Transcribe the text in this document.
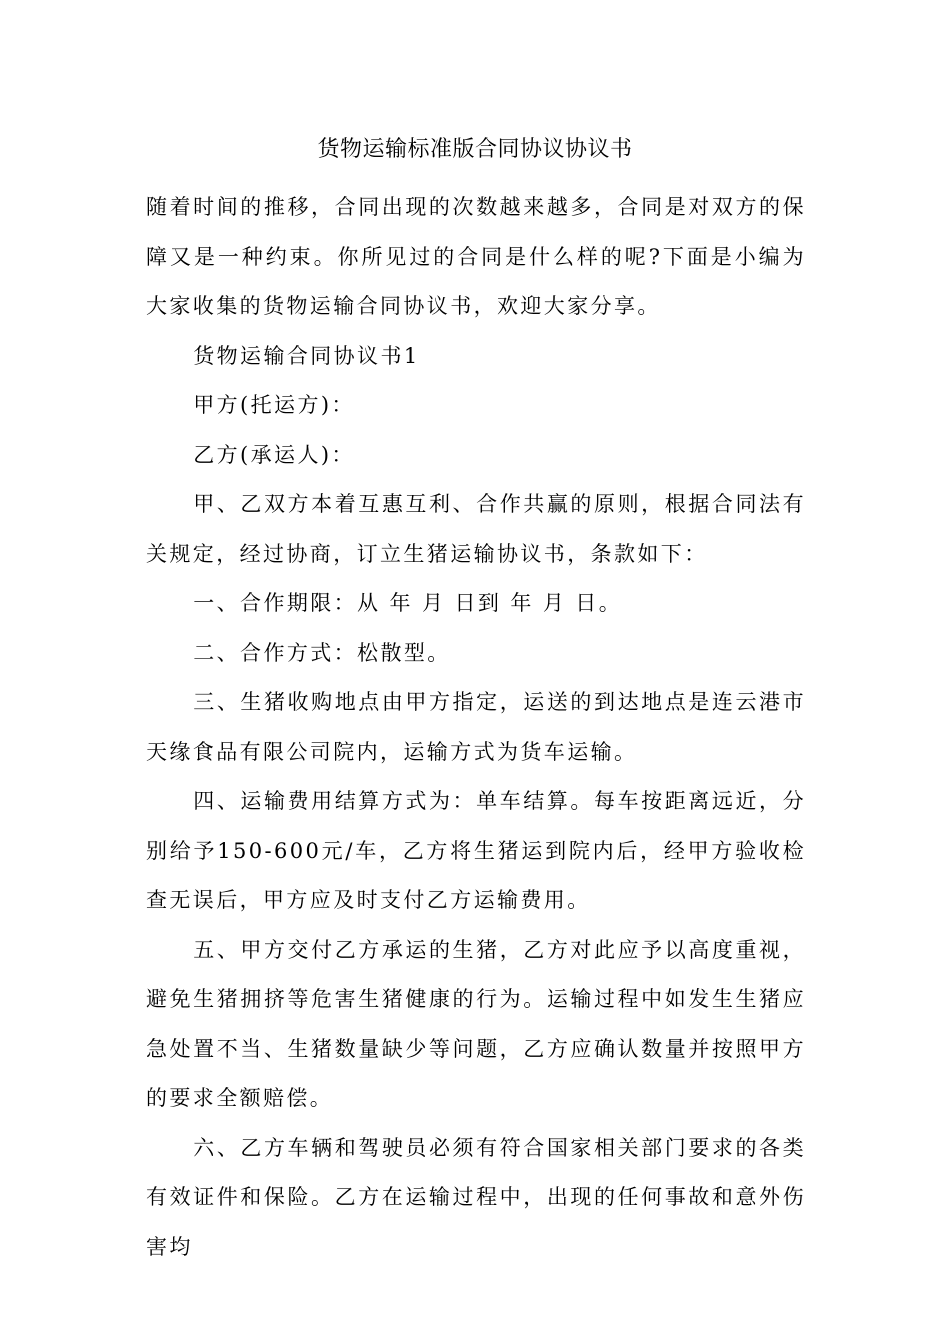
货物运输标准版合同协议协议书

随着时间的推移，合同出现的次数越来越多，合同是对双方的保障又是一种约束。你所见过的合同是什么样的呢?下面是小编为大家收集的货物运输合同协议书，欢迎大家分享。

货物运输合同协议书1

甲方(托运方)：

乙方(承运人)：

甲、乙双方本着互惠互利、合作共赢的原则，根据合同法有关规定，经过协商，订立生猪运输协议书，条款如下：

一、合作期限：从 年 月 日到 年 月 日。

二、合作方式：松散型。

三、生猪收购地点由甲方指定，运送的到达地点是连云港市天缘食品有限公司院内，运输方式为货车运输。

四、运输费用结算方式为：单车结算。每车按距离远近，分别给予150-600元/车，乙方将生猪运到院内后，经甲方验收检查无误后，甲方应及时支付乙方运输费用。

五、甲方交付乙方承运的生猪，乙方对此应予以高度重视，避免生猪拥挤等危害生猪健康的行为。运输过程中如发生生猪应急处置不当、生猪数量缺少等问题，乙方应确认数量并按照甲方的要求全额赔偿。

六、乙方车辆和驾驶员必须有符合国家相关部门要求的各类有效证件和保险。乙方在运输过程中，出现的任何事故和意外伤害均
